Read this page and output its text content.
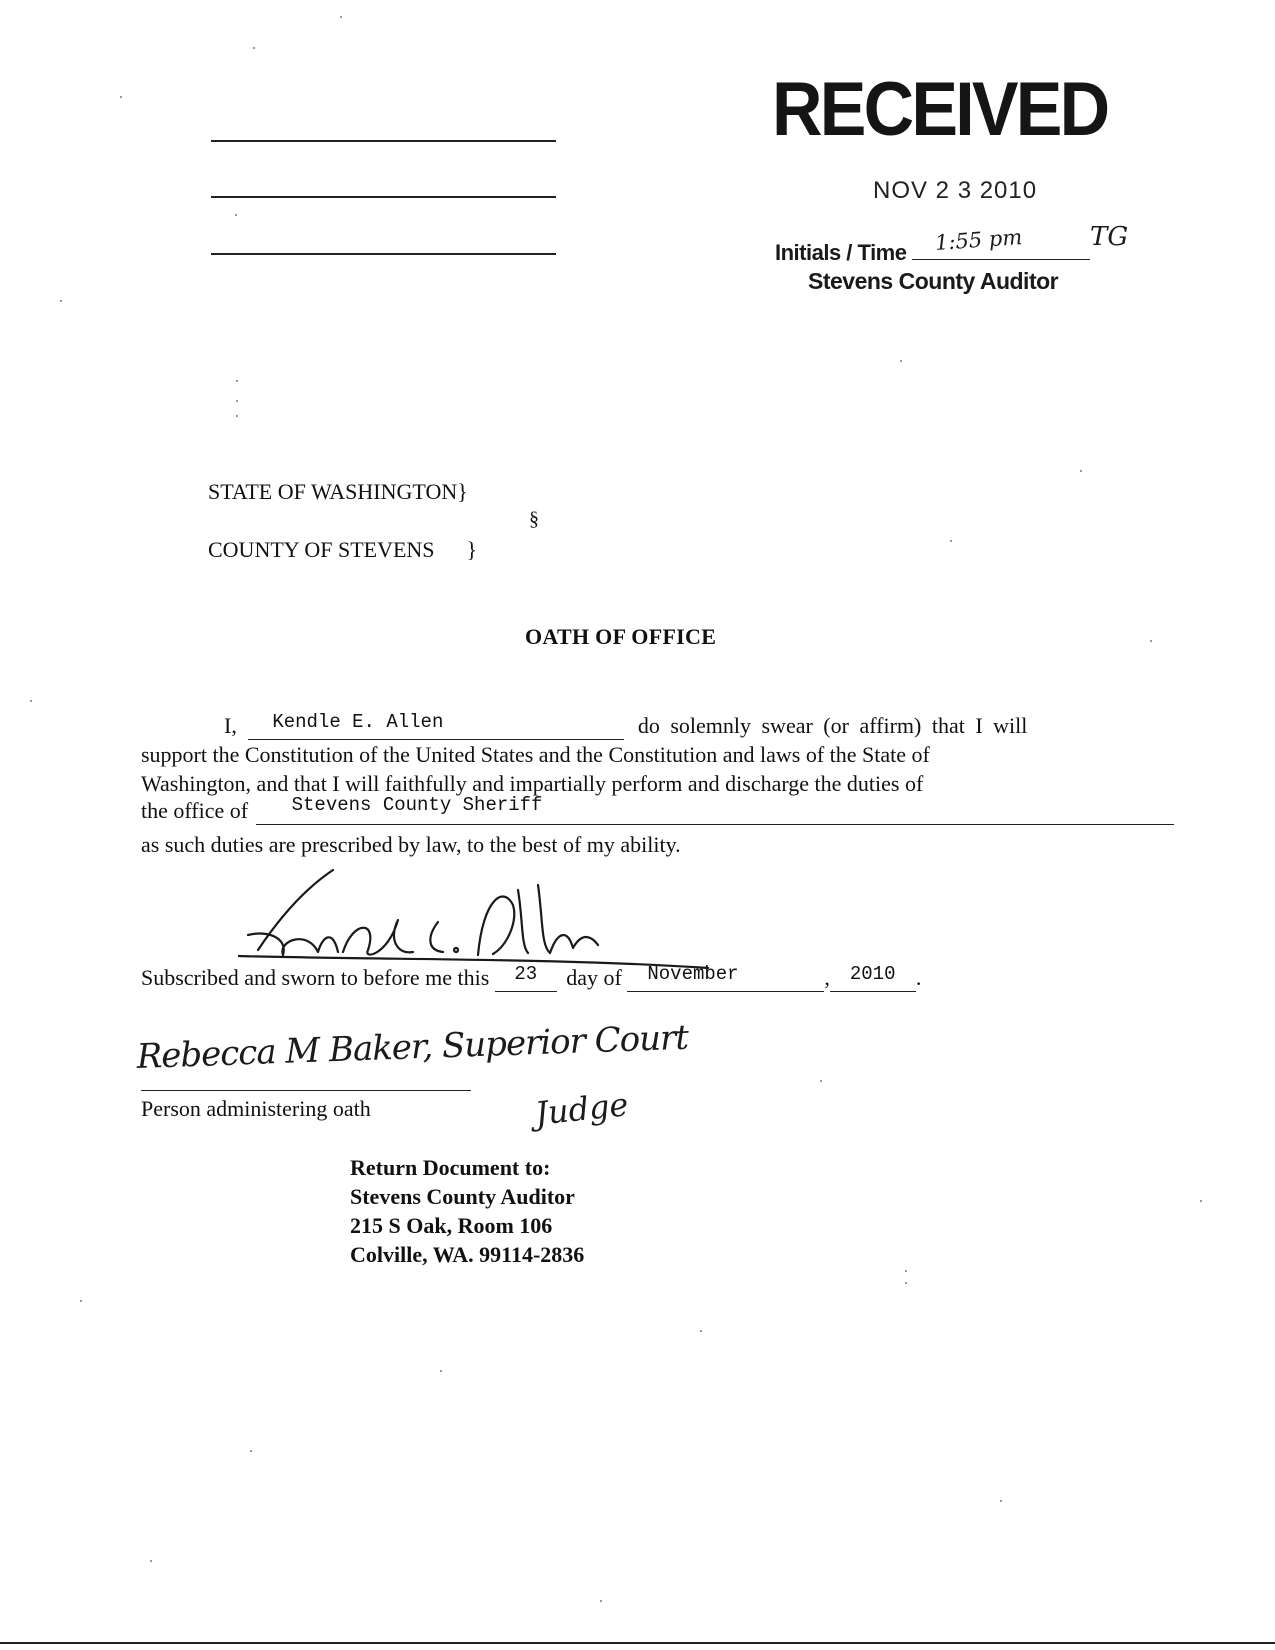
RECEIVED
NOV 2 3 2010
Initials / Time	1:55 pm	TG
Stevens County Auditor
STATE OF WASHINGTON}
§
COUNTY OF STEVENS }
OATH OF OFFICE
I, Kendle E. Allen	do solemnly swear (or affirm) that I will
support the Constitution of the United States and the Constitution and laws of the State of
Washington, and that I will faithfully and impartially perform and discharge the duties of
the office of Stevens County Sheriff
as such duties are prescribed by law, to the best of my ability.
Subscribed and sworn to before me this 23 day of November	, 2010 .
Rebecca M Baker, Superior Court
Person administering oath	Judge
Return Document to:
Stevens County Auditor
215 S Oak, Room 106
Colville, WA. 99114-2836
